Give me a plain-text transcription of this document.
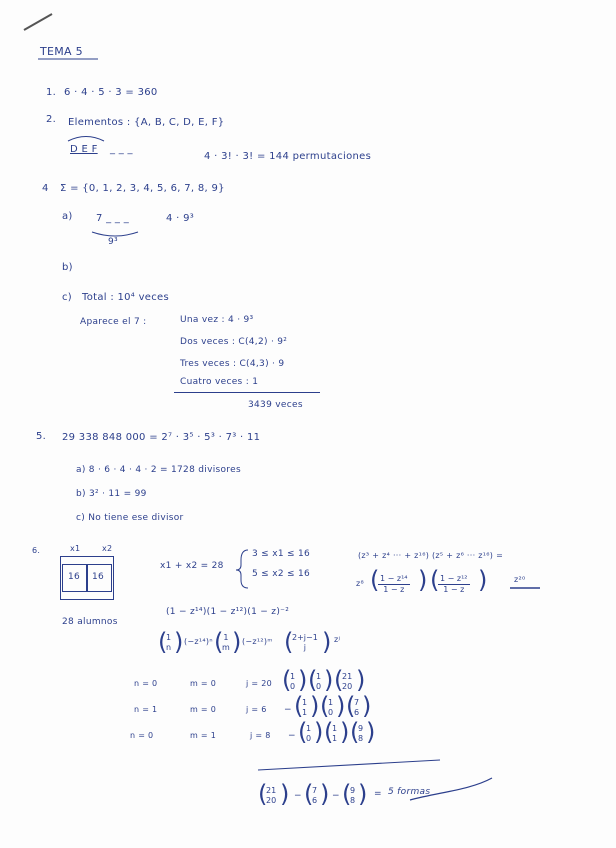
TEMA 5
1. 6 · 4 · 5 · 3 = 360
2. Elementos : {A, B, C, D, E, F}
D E F _ _ _
4 · 3! · 3! = 144 permutaciones
4 Σ = {0, 1, 2, 3, 4, 5, 6, 7, 8, 9}
a) 7 _ _ _
9³
4 · 9³
b)
c) Total : 10⁴ veces
Aparece el 7 :	Una vez : 4 · 9³
Dos veces : C(4,2) · 9²
Tres veces : C(4,3) · 9
Cuatro veces : 1
3439 veces
5. 29 338 848 000 = 2⁷ · 3⁵ · 5³ · 7³ · 11
a) 8 · 6 · 4 · 4 · 2 = 1728 divisores
b) 3² · 11 = 99
c) No tiene ese divisor
6.	x1	x2
16 16
28 alumnos
x1 + x2 = 28
3 ≤ x1 ≤ 16
5 ≤ x2 ≤ 16
(z³ + z⁴ ··· + z¹⁶) (z⁵ + z⁶ ··· z¹⁶) =
z⁸ (
$\frac{\text{1 − z¹⁴}}{1 - z}$ ) (
$\frac{\text{1 − z¹²}}{1 - z}$ )	z²⁰
(1 − z¹⁴)(1 − z¹²)(1 − z)⁻²
(
1
n ) (−z¹⁴)ⁿ ( 1
m ) (−z¹²)ᵐ (
2+j−1
j ) zʲ
n = 0	m = 0	j = 20 (
1
0 ) (
1
0 ) (
21
20 )
n = 1	m = 0	j = 6 − (
1
1 ) (
1
0 ) (
7
6 )
n = 0	m = 1	j = 8 − (
1
0 ) (
1
1 ) (
9
8 )
(
21
20 ) − (
7
6 ) − (
9
8 ) = 5 formas
